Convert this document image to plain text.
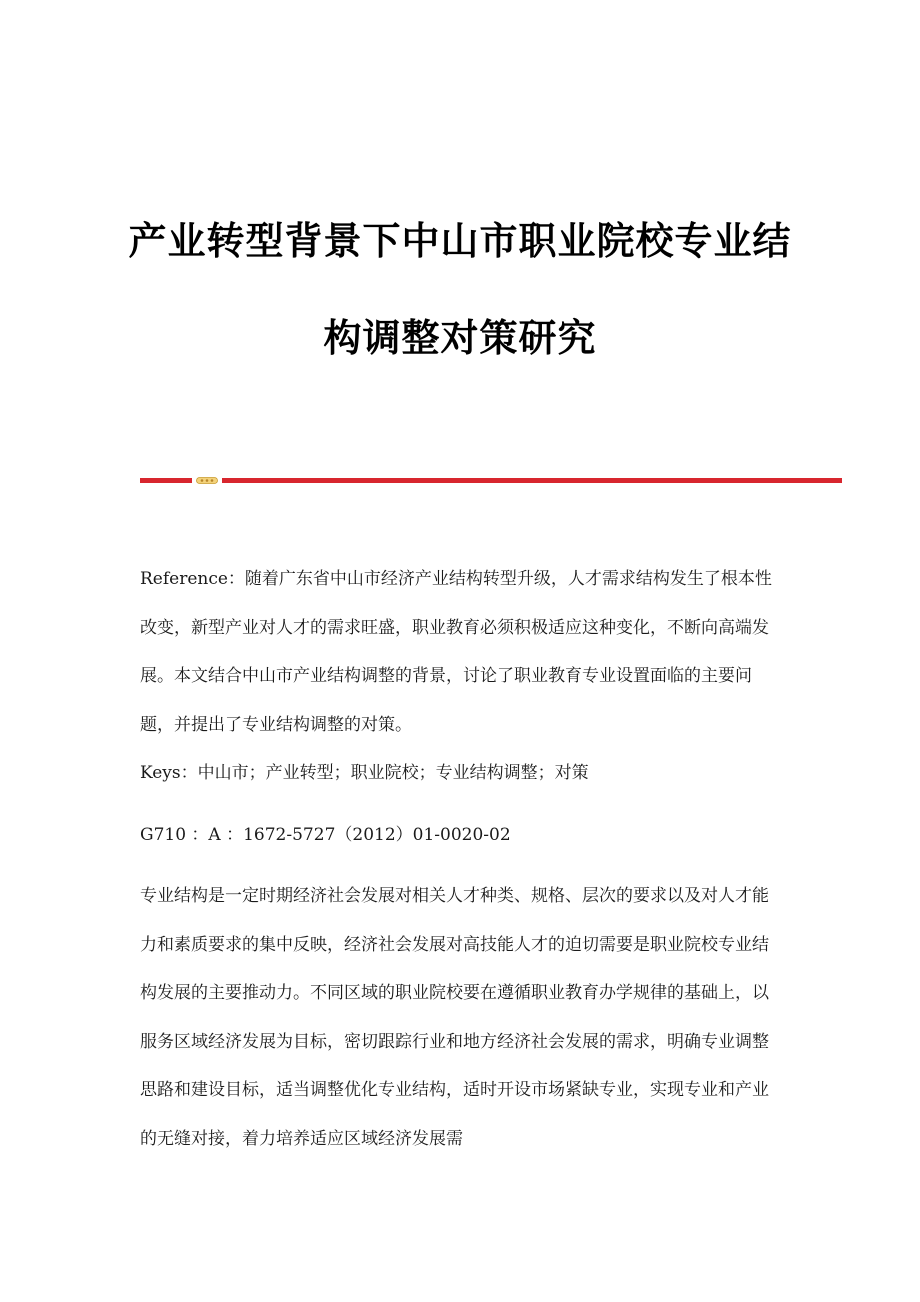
产业转型背景下中山市职业院校专业结
构调整对策研究

Reference：随着广东省中山市经济产业结构转型升级，人才需求结构发生了根本性改变，新型产业对人才的需求旺盛，职业教育必须积极适应这种变化，不断向高端发展。本文结合中山市产业结构调整的背景，讨论了职业教育专业设置面临的主要问题，并提出了专业结构调整的对策。

Keys：中山市；产业转型；职业院校；专业结构调整；对策

G710 ：A ：1672-5727（2012）01-0020-02

专业结构是一定时期经济社会发展对相关人才种类、规格、层次的要求以及对人才能力和素质要求的集中反映，经济社会发展对高技能人才的迫切需要是职业院校专业结构发展的主要推动力。不同区域的职业院校要在遵循职业教育办学规律的基础上，以服务区域经济发展为目标，密切跟踪行业和地方经济社会发展的需求，明确专业调整思路和建设目标，适当调整优化专业结构，适时开设市场紧缺专业，实现专业和产业的无缝对接，着力培养适应区域经济发展需
